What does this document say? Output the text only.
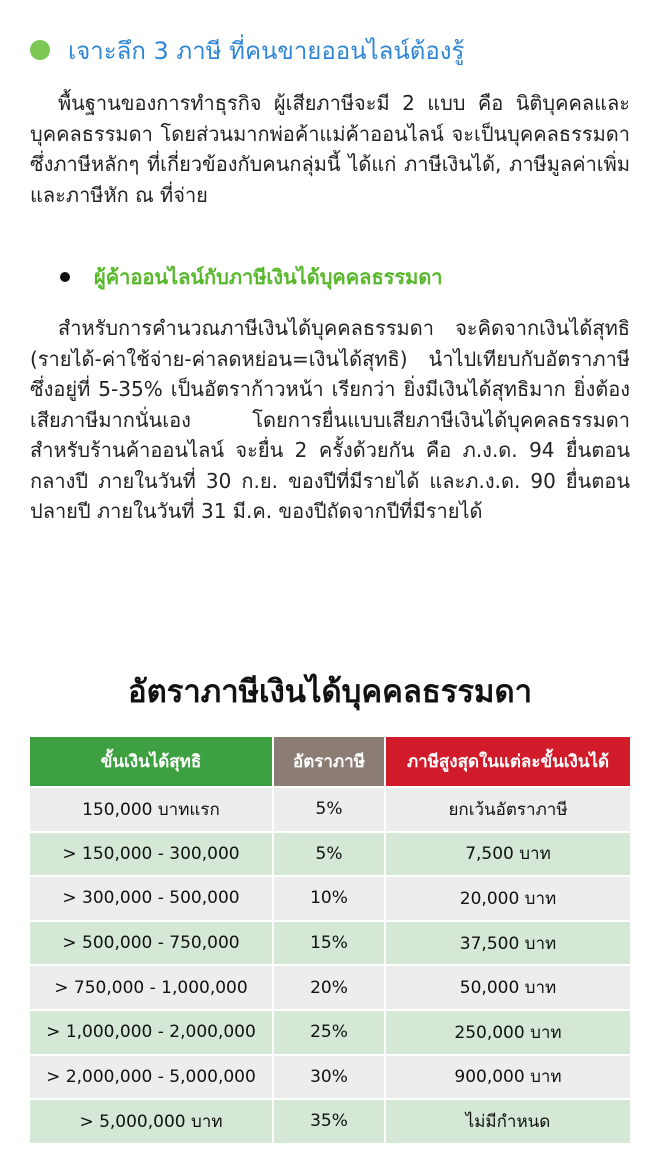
เจาะลึก 3 ภาษี ที่คนขายออนไลน์ต้องรู้

พื้นฐานของการทำธุรกิจ ผู้เสียภาษีจะมี 2 แบบ คือ นิติบุคคลและบุคคลธรรมดา โดยส่วนมากพ่อค้าแม่ค้าออนไลน์ จะเป็นบุคคลธรรมดา ซึ่งภาษีหลักๆ ที่เกี่ยวข้องกับคนกลุ่มนี้ ได้แก่ ภาษีเงินได้, ภาษีมูลค่าเพิ่ม และภาษีหัก ณ ที่จ่าย

ผู้ค้าออนไลน์กับภาษีเงินได้บุคคลธรรมดา

สำหรับการคำนวณภาษีเงินได้บุคคลธรรมดา จะคิดจากเงินได้สุทธิ (รายได้-ค่าใช้จ่าย-ค่าลดหย่อน=เงินได้สุทธิ) นำไปเทียบกับอัตราภาษี ซึ่งอยู่ที่ 5-35% เป็นอัตราก้าวหน้า เรียกว่า ยิ่งมีเงินได้สุทธิมาก ยิ่งต้องเสียภาษีมากนั่นเอง โดยการยื่นแบบเสียภาษีเงินได้บุคคลธรรมดาสำหรับร้านค้าออนไลน์ จะยื่น 2 ครั้งด้วยกัน คือ ภ.ง.ด. 94 ยื่นตอนกลางปี ภายในวันที่ 30 ก.ย. ของปีที่มีรายได้ และภ.ง.ด. 90 ยื่นตอนปลายปี ภายในวันที่ 31 มี.ค. ของปีถัดจากปีที่มีรายได้

อัตราภาษีเงินได้บุคคลธรรมดา
ขั้นเงินได้สุทธิ	อัตราภาษี	ภาษีสูงสุดในแต่ละขั้นเงินได้
150,000 บาทแรก	5%	ยกเว้นอัตราภาษี
> 150,000 - 300,000	5%	7,500 บาท
> 300,000 - 500,000	10%	20,000 บาท
> 500,000 - 750,000	15%	37,500 บาท
> 750,000 - 1,000,000	20%	50,000 บาท
> 1,000,000 - 2,000,000	25%	250,000 บาท
> 2,000,000 - 5,000,000	30%	900,000 บาท
> 5,000,000 บาท	35%	ไม่มีกำหนด
